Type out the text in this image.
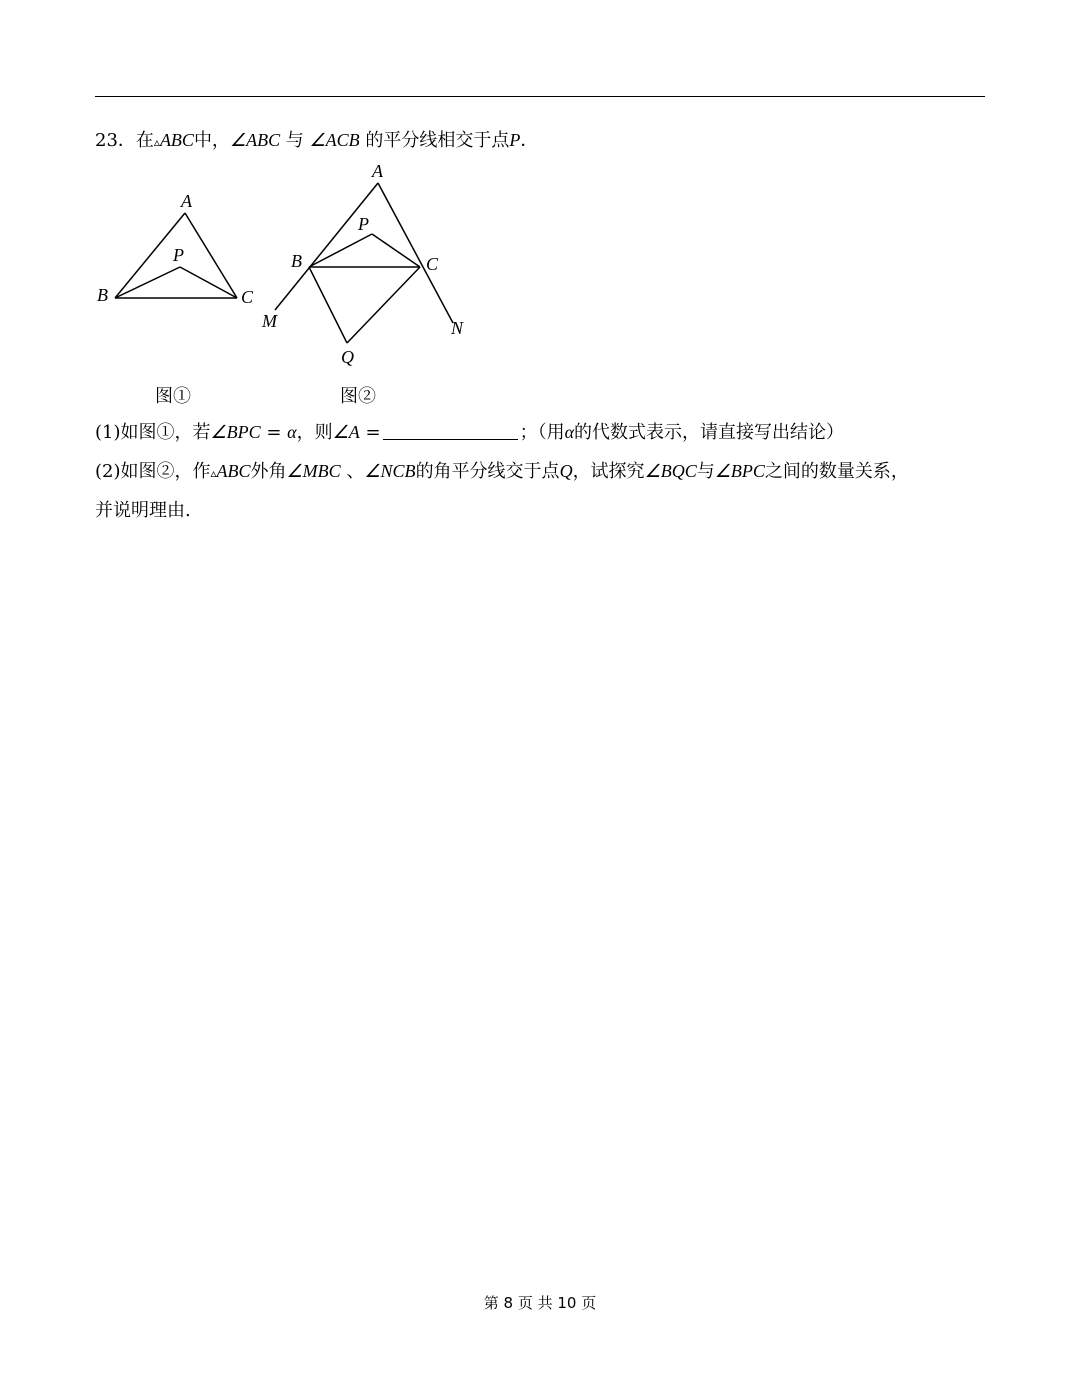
23．在▵ABC中，∠ABC 与 ∠ACB 的平分线相交于点P．
A
B	C
P
A
B	C
P
M	N
Q
图①	图②
(1)如图①，若∠BPC = α，则∠A =	；（用α的代数式表示，请直接写出结论）
(2)如图②，作▵ABC外角∠MBC 、∠NCB的角平分线交于点Q，试探究∠BQC与∠BPC之间的数量关系，
并说明理由.
第 8 页 共 10 页
